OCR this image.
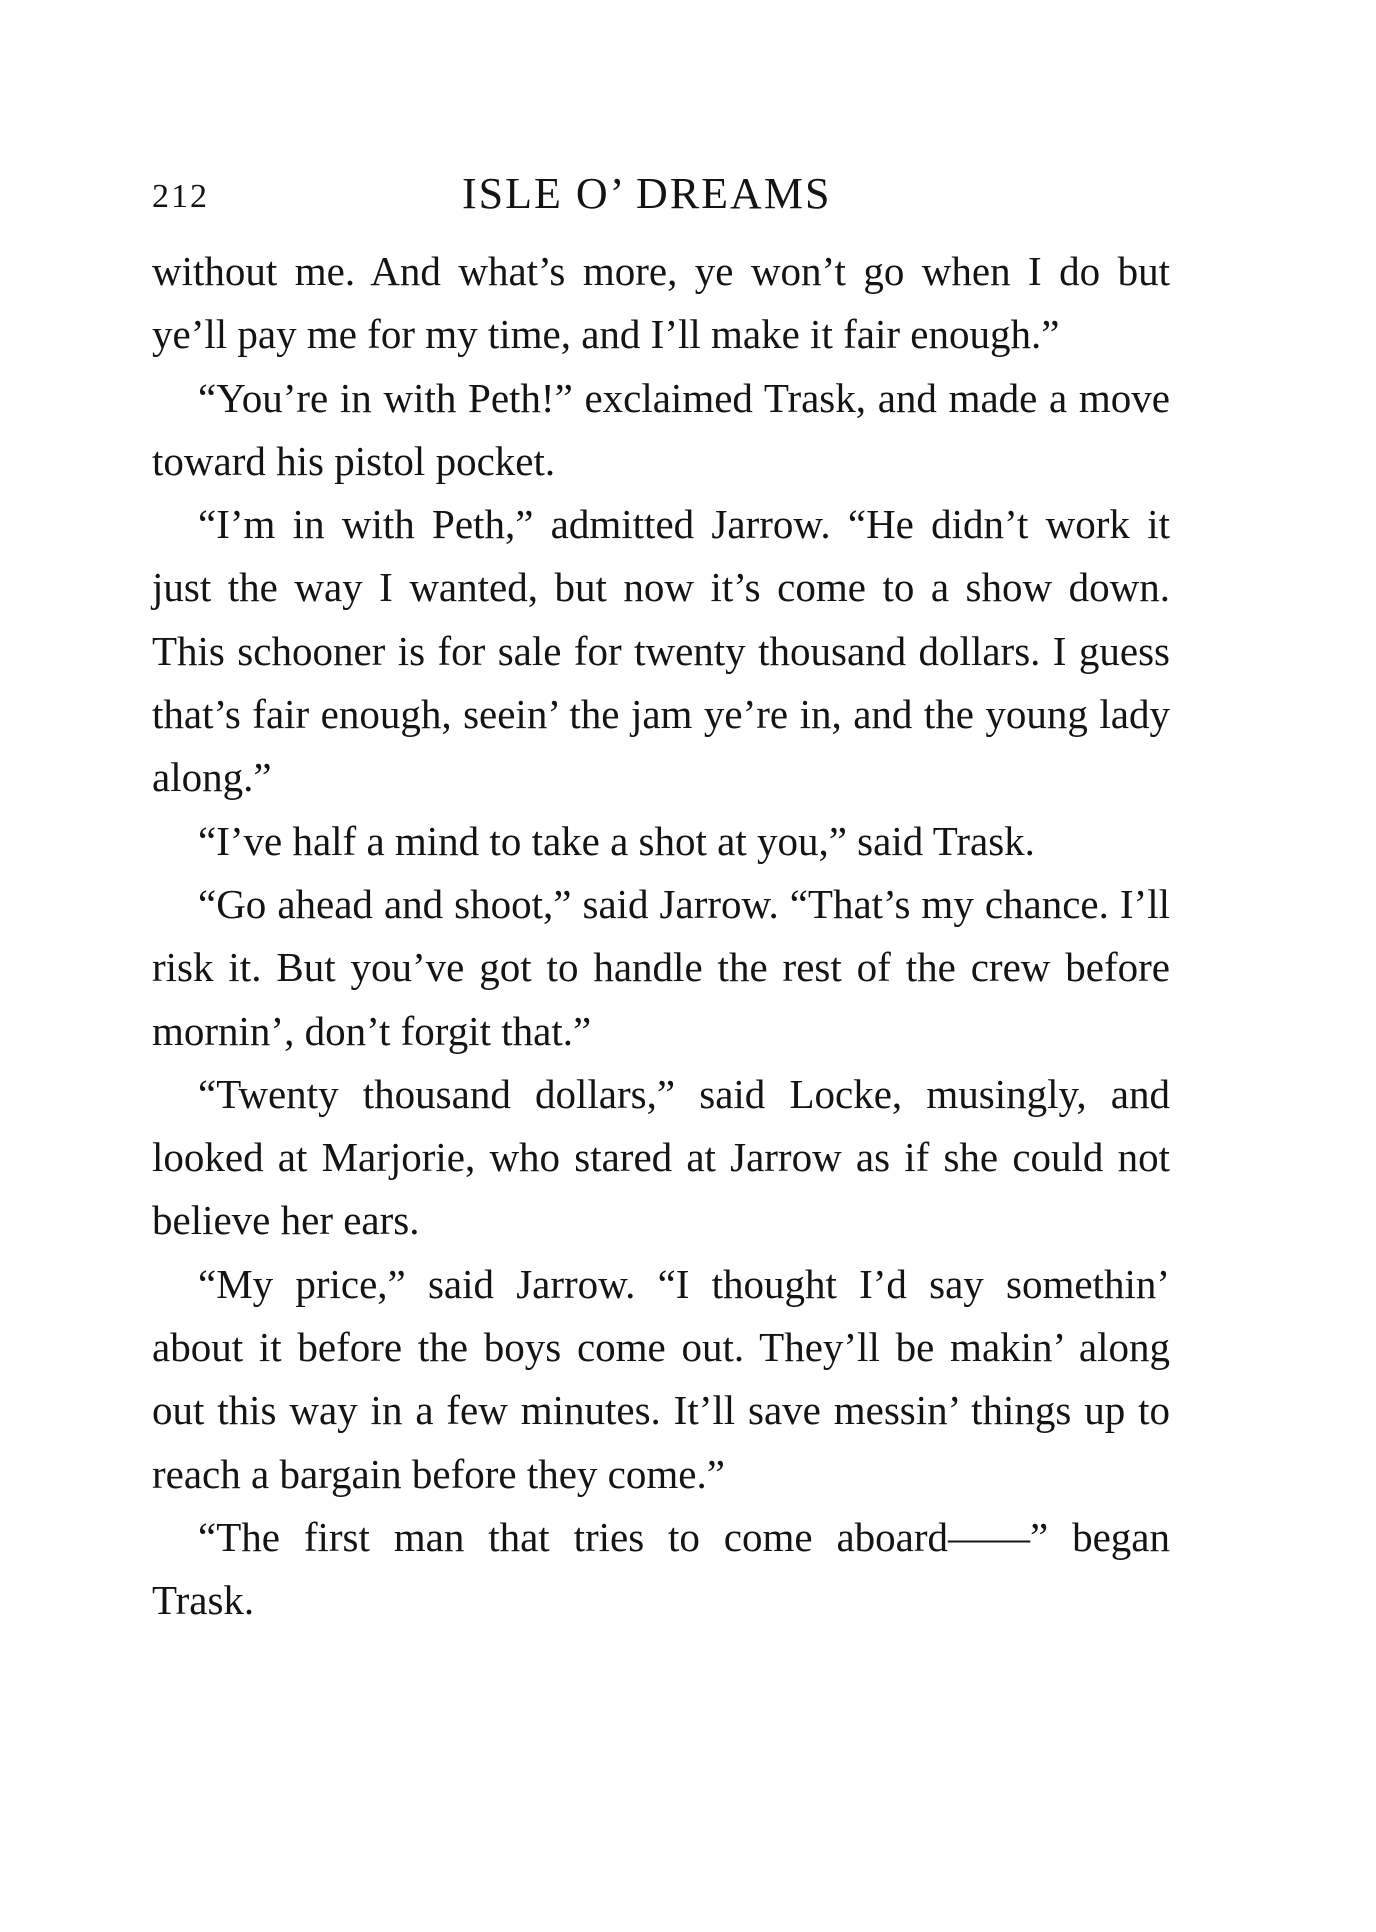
212	ISLE O’ DREAMS

without me. And what’s more, ye won’t go when I do but ye’ll pay me for my time, and I’ll make it fair enough.”

“You’re in with Peth!” exclaimed Trask, and made a move toward his pistol pocket.

“I’m in with Peth,” admitted Jarrow. “He didn’t work it just the way I wanted, but now it’s come to a show down. This schooner is for sale for twenty thousand dollars. I guess that’s fair enough, seein’ the jam ye’re in, and the young lady along.”

“I’ve half a mind to take a shot at you,” said Trask.

“Go ahead and shoot,” said Jarrow. “That’s my chance. I’ll risk it. But you’ve got to handle the rest of the crew before mornin’, don’t forgit that.”

“Twenty thousand dollars,” said Locke, musingly, and looked at Marjorie, who stared at Jarrow as if she could not believe her ears.

“My price,” said Jarrow. “I thought I’d say somethin’ about it before the boys come out. They’ll be makin’ along out this way in a few minutes. It’ll save messin’ things up to reach a bargain before they come.”

“The first man that tries to come aboard——” began Trask.
